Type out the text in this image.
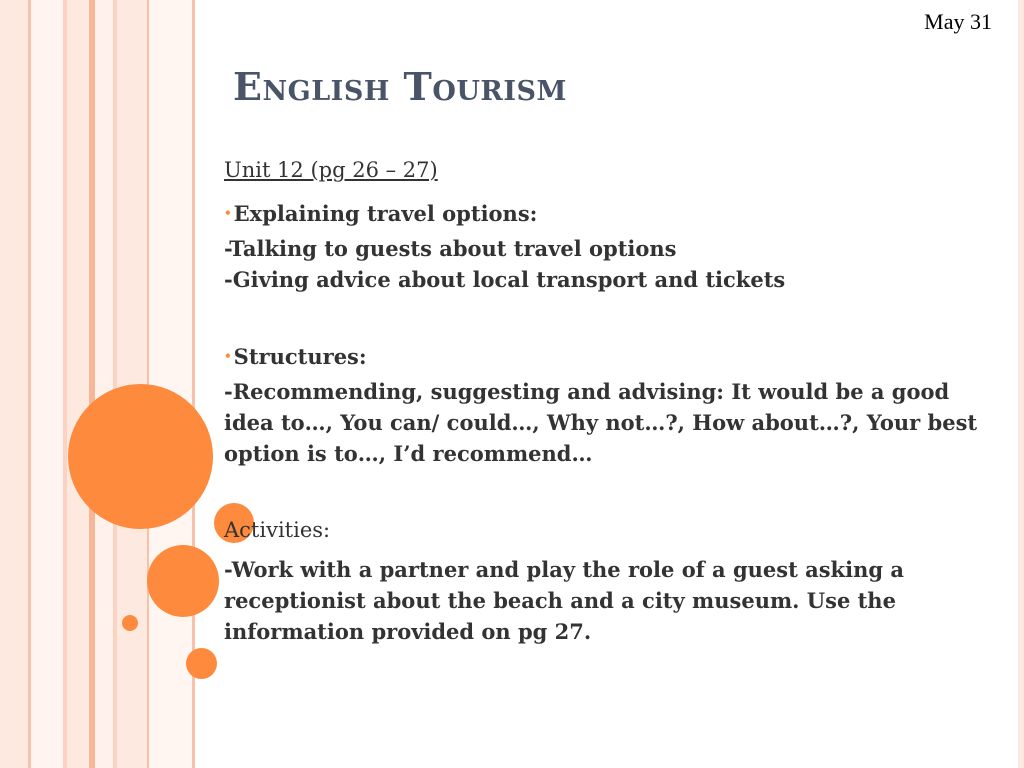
May 31
English Tourism
Unit 12 (pg 26 – 27)
•Explaining travel options:
-Talking to guests about travel options
-Giving advice about local transport and tickets
•Structures:
-Recommending, suggesting and advising: It would be a good idea to…, You can/ could…, Why not…?, How about…?, Your best option is to…, I’d recommend…
Activities:
-Work with a partner and play the role of a guest asking a receptionist about the beach and a city museum. Use the information provided on pg 27.
